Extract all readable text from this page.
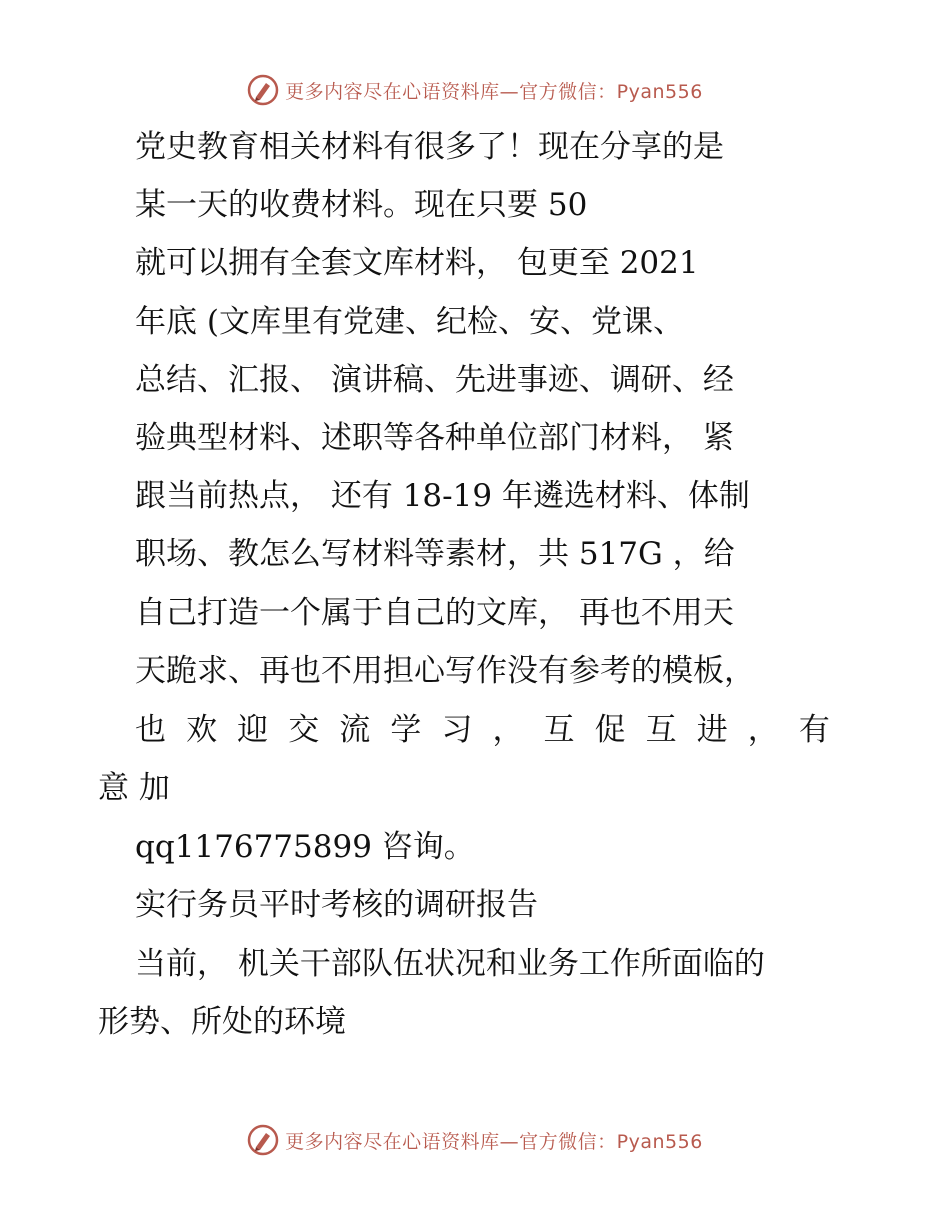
更多内容尽在心语资料库—官方微信：Pyan556
党史教育相关材料有很多了！现在分享的是
某一天的收费材料。现在只要 50
就可以拥有全套文库材料， 包更至 2021
年底 (文库里有党建、纪检、安、党课、
总结、汇报、 演讲稿、先进事迹、调研、经
验典型材料、述职等各种单位部门材料， 紧
跟当前热点， 还有 18-19 年遴选材料、体制
职场、教怎么写材料等素材，共 517G ，给
自己打造一个属于自己的文库， 再也不用天
天跪求、再也不用担心写作没有参考的模板，
也 欢 迎 交 流 学 习 ， 互 促 互 进 ， 有
意 加
qq1176775899 咨询。
实行务员平时考核的调研报告
当前， 机关干部队伍状况和业务工作所面临的
形势、所处的环境
更多内容尽在心语资料库—官方微信：Pyan556
